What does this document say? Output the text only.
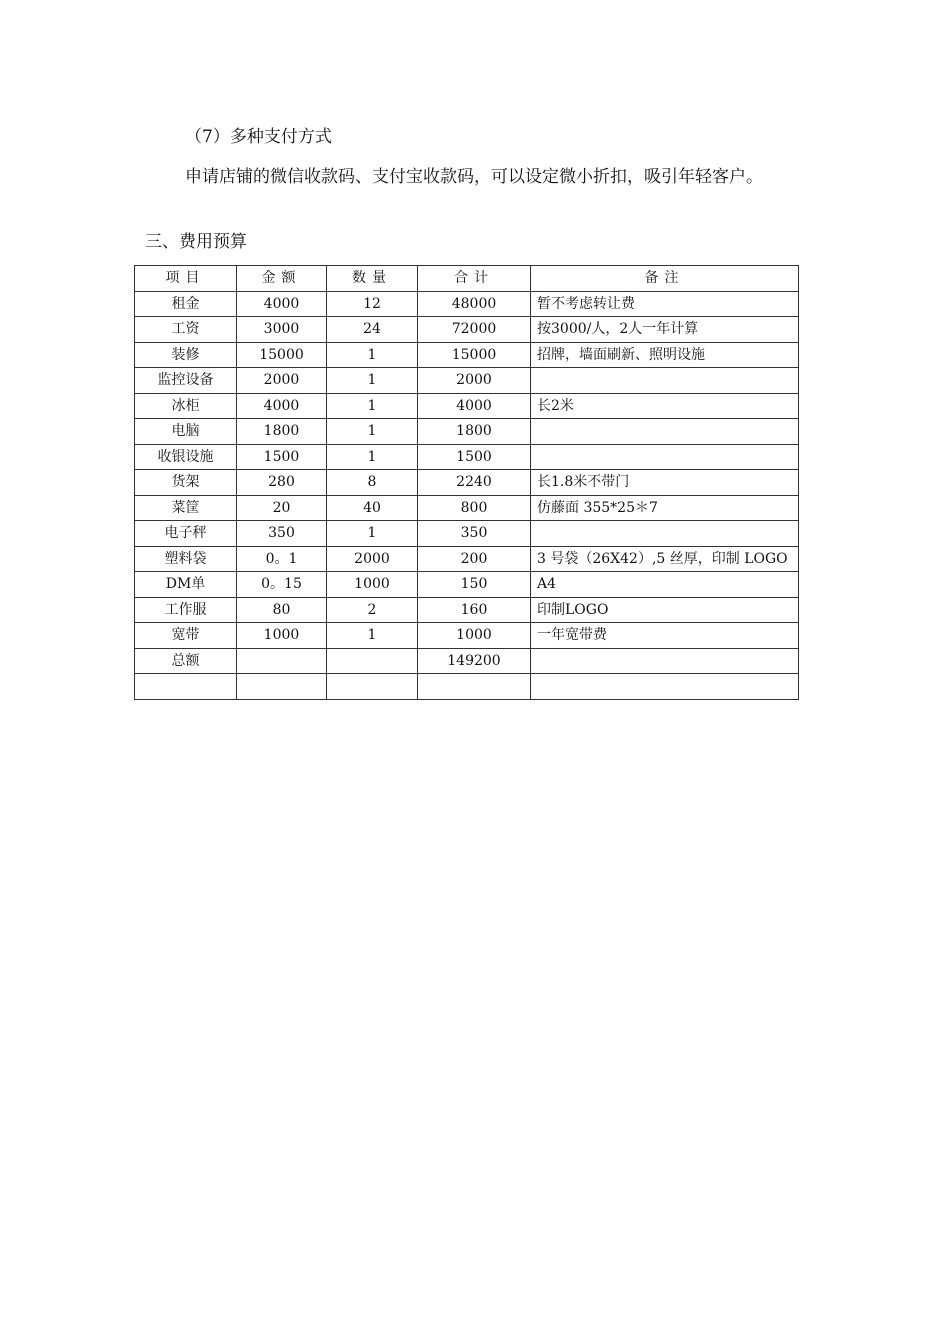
（7）多种支付方式
申请店铺的微信收款码、支付宝收款码，可以设定微小折扣，吸引年轻客户。
三、费用预算
项目	金额	数量	合计	备注
租金	4000	12	48000	暂不考虑转让费
工资	3000	24	72000	按3000/人，2人一年计算
装修	15000	1	15000	招牌，墙面刷新、照明设施
监控设备	2000	1	2000	
冰柜	4000	1	4000	长2米
电脑	1800	1	1800	
收银设施	1500	1	1500	
货架	280	8	2240	长1.8米不带门
菜筐	20	40	800	仿藤面 355*25＊7
电子秤	350	1	350	
塑料袋	0。1	2000	200	3 号袋（26X42）,5 丝厚，印制 LOGO
DM单	0。15	1000	150	A4
工作服	80	2	160	印制LOGO
宽带	1000	1	1000	一年宽带费
总额			149200	
